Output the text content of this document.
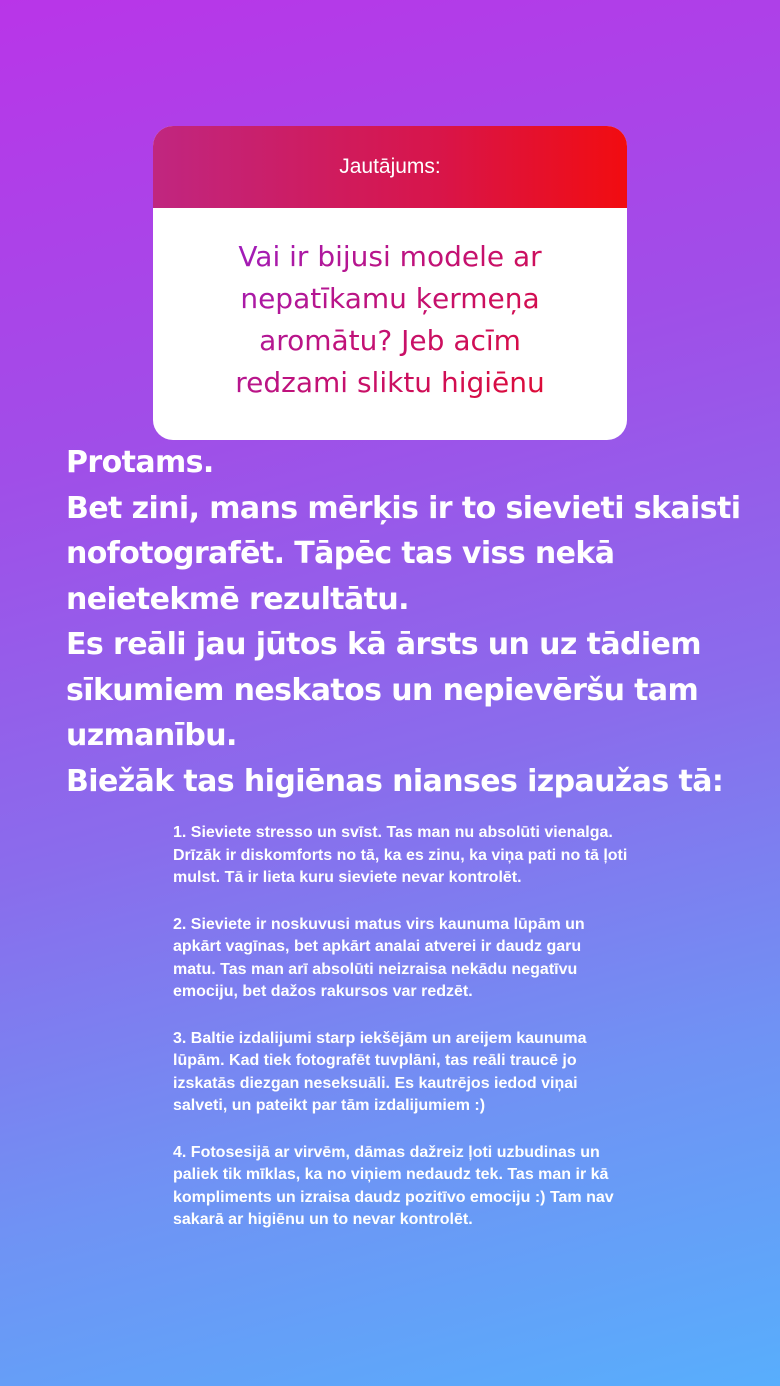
Jautājums:

Vai ir bijusi modele ar
nepatīkamu ķermeņa
aromātu? Jeb acīm
redzami sliktu higiēnu

Protams.
Bet zini, mans mērķis ir to sievieti skaisti
nofotografēt. Tāpēc tas viss nekā
neietekmē rezultātu.
Es reāli jau jūtos kā ārsts un uz tādiem
sīkumiem neskatos un nepievēršu tam
uzmanību.
Biežāk tas higiēnas nianses izpaužas tā:
1. Sieviete stresso un svīst. Tas man nu absolūti vienalga.
Drīzāk ir diskomforts no tā, ka es zinu, ka viņa pati no tā ļoti
mulst. Tā ir lieta kuru sieviete nevar kontrolēt.
2. Sieviete ir noskuvusi matus virs kaunuma lūpām un
apkārt vagīnas, bet apkārt analai atverei ir daudz garu
matu. Tas man arī absolūti neizraisa nekādu negatīvu
emociju, bet dažos rakursos var redzēt.
3. Baltie izdalijumi starp iekšējām un areijem kaunuma
lūpām. Kad tiek fotografēt tuvplāni, tas reāli traucē jo
izskatās diezgan neseksuāli. Es kautrējos iedod viņai
salveti, un pateikt par tām izdalijumiem :)
4. Fotosesijā ar virvēm, dāmas dažreiz ļoti uzbudinas un
paliek tik mīklas, ka no viņiem nedaudz tek. Tas man ir kā
kompliments un izraisa daudz pozitīvo emociju :) Tam nav
sakarā ar higiēnu un to nevar kontrolēt.
